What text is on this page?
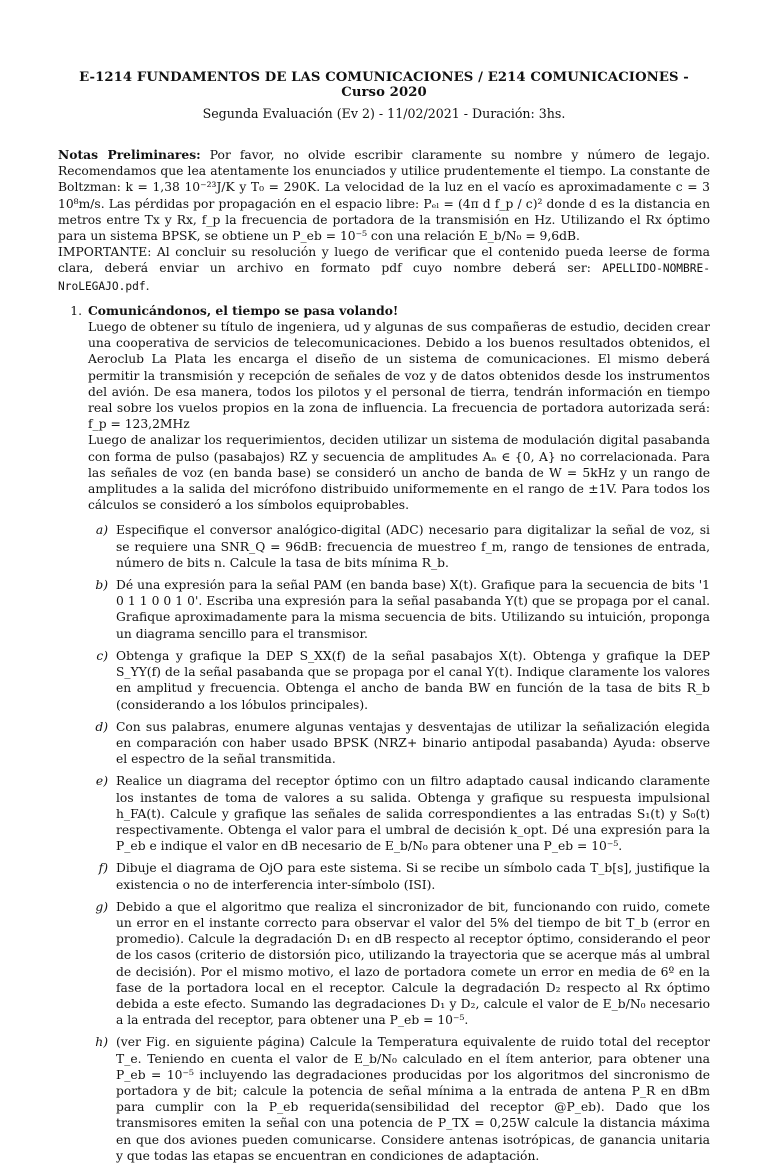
E-1214 FUNDAMENTOS DE LAS COMUNICACIONES / E214 COMUNICACIONES - Curso 2020
Segunda Evaluación (Ev 2) - 11/02/2021 - Duración: 3hs.

Notas Preliminares: Por favor, no olvide escribir claramente su nombre y número de legajo. Recomendamos que lea atentamente los enunciados y utilice prudentemente el tiempo. La constante de Boltzman: k = 1,38 10⁻²³J/K y T₀ = 290K. La velocidad de la luz en el vacío es aproximadamente c = 3 10⁸m/s. Las pérdidas por propagación en el espacio libre: Pₑₗ = (4π d f_p / c)² donde d es la distancia en metros entre Tx y Rx, f_p la frecuencia de portadora de la transmisión en Hz. Utilizando el Rx óptimo para un sistema BPSK, se obtiene un P_eb = 10⁻⁵ con una relación E_b/N₀ = 9,6dB.

IMPORTANTE: Al concluir su resolución y luego de verificar que el contenido pueda leerse de forma clara, deberá enviar un archivo en formato pdf cuyo nombre deberá ser: APELLIDO-NOMBRE-NroLEGAJO.pdf.

1. Comunicándonos, el tiempo se pasa volando!

Luego de obtener su título de ingeniera, ud y algunas de sus compañeras de estudio, deciden crear una cooperativa de servicios de telecomunicaciones. Debido a los buenos resultados obtenidos, el Aeroclub La Plata les encarga el diseño de un sistema de comunicaciones. El mismo deberá permitir la transmisión y recepción de señales de voz y de datos obtenidos desde los instrumentos del avión. De esa manera, todos los pilotos y el personal de tierra, tendrán información en tiempo real sobre los vuelos propios en la zona de influencia. La frecuencia de portadora autorizada será: f_p = 123,2MHz

Luego de analizar los requerimientos, deciden utilizar un sistema de modulación digital pasabanda con forma de pulso (pasabajos) RZ y secuencia de amplitudes Aₙ ∈ {0, A} no correlacionada. Para las señales de voz (en banda base) se consideró un ancho de banda de W = 5kHz y un rango de amplitudes a la salida del micrófono distribuido uniformemente en el rango de ±1V. Para todos los cálculos se consideró a los símbolos equiprobables.

a) Especifique el conversor analógico-digital (ADC) necesario para digitalizar la señal de voz, si se requiere una SNR_Q = 96dB: frecuencia de muestreo f_m, rango de tensiones de entrada, número de bits n. Calcule la tasa de bits mínima R_b.
b) Dé una expresión para la señal PAM (en banda base) X(t). Grafique para la secuencia de bits '1 0 1 1 0 0 1 0'. Escriba una expresión para la señal pasabanda Y(t) que se propaga por el canal. Grafique aproximadamente para la misma secuencia de bits. Utilizando su intuición, proponga un diagrama sencillo para el transmisor.
c) Obtenga y grafique la DEP S_XX(f) de la señal pasabajos X(t). Obtenga y grafique la DEP S_YY(f) de la señal pasabanda que se propaga por el canal Y(t). Indique claramente los valores en amplitud y frecuencia. Obtenga el ancho de banda BW en función de la tasa de bits R_b (considerando a los lóbulos principales).
d) Con sus palabras, enumere algunas ventajas y desventajas de utilizar la señalización elegida en comparación con haber usado BPSK (NRZ+ binario antipodal pasabanda) Ayuda: observe el espectro de la señal transmitida.
e) Realice un diagrama del receptor óptimo con un filtro adaptado causal indicando claramente los instantes de toma de valores a su salida. Obtenga y grafique su respuesta impulsional h_FA(t). Calcule y grafique las señales de salida correspondientes a las entradas S₁(t) y S₀(t) respectivamente. Obtenga el valor para el umbral de decisión k_opt. Dé una expresión para la P_eb e indique el valor en dB necesario de E_b/N₀ para obtener una P_eb = 10⁻⁵.
f) Dibuje el diagrama de OjO para este sistema. Si se recibe un símbolo cada T_b[s], justifique la existencia o no de interferencia inter-símbolo (ISI).
g) Debido a que el algoritmo que realiza el sincronizador de bit, funcionando con ruido, comete un error en el instante correcto para observar el valor del 5% del tiempo de bit T_b (error en promedio). Calcule la degradación D₁ en dB respecto al receptor óptimo, considerando el peor de los casos (criterio de distorsión pico, utilizando la trayectoria que se acerque más al umbral de decisión). Por el mismo motivo, el lazo de portadora comete un error en media de 6º en la fase de la portadora local en el receptor. Calcule la degradación D₂ respecto al Rx óptimo debida a este efecto. Sumando las degradaciones D₁ y D₂, calcule el valor de E_b/N₀ necesario a la entrada del receptor, para obtener una P_eb = 10⁻⁵.
h) (ver Fig. en siguiente página) Calcule la Temperatura equivalente de ruido total del receptor T_e. Teniendo en cuenta el valor de E_b/N₀ calculado en el ítem anterior, para obtener una P_eb = 10⁻⁵ incluyendo las degradaciones producidas por los algoritmos del sincronismo de portadora y de bit; calcule la potencia de señal mínima a la entrada de antena P_R en dBm para cumplir con la P_eb requerida(sensibilidad del receptor @P_eb). Dado que los transmisores emiten la señal con una potencia de P_TX = 0,25W calcule la distancia máxima en que dos aviones pueden comunicarse. Considere antenas isotrópicas, de ganancia unitaria y que todas las etapas se encuentran en condiciones de adaptación.
